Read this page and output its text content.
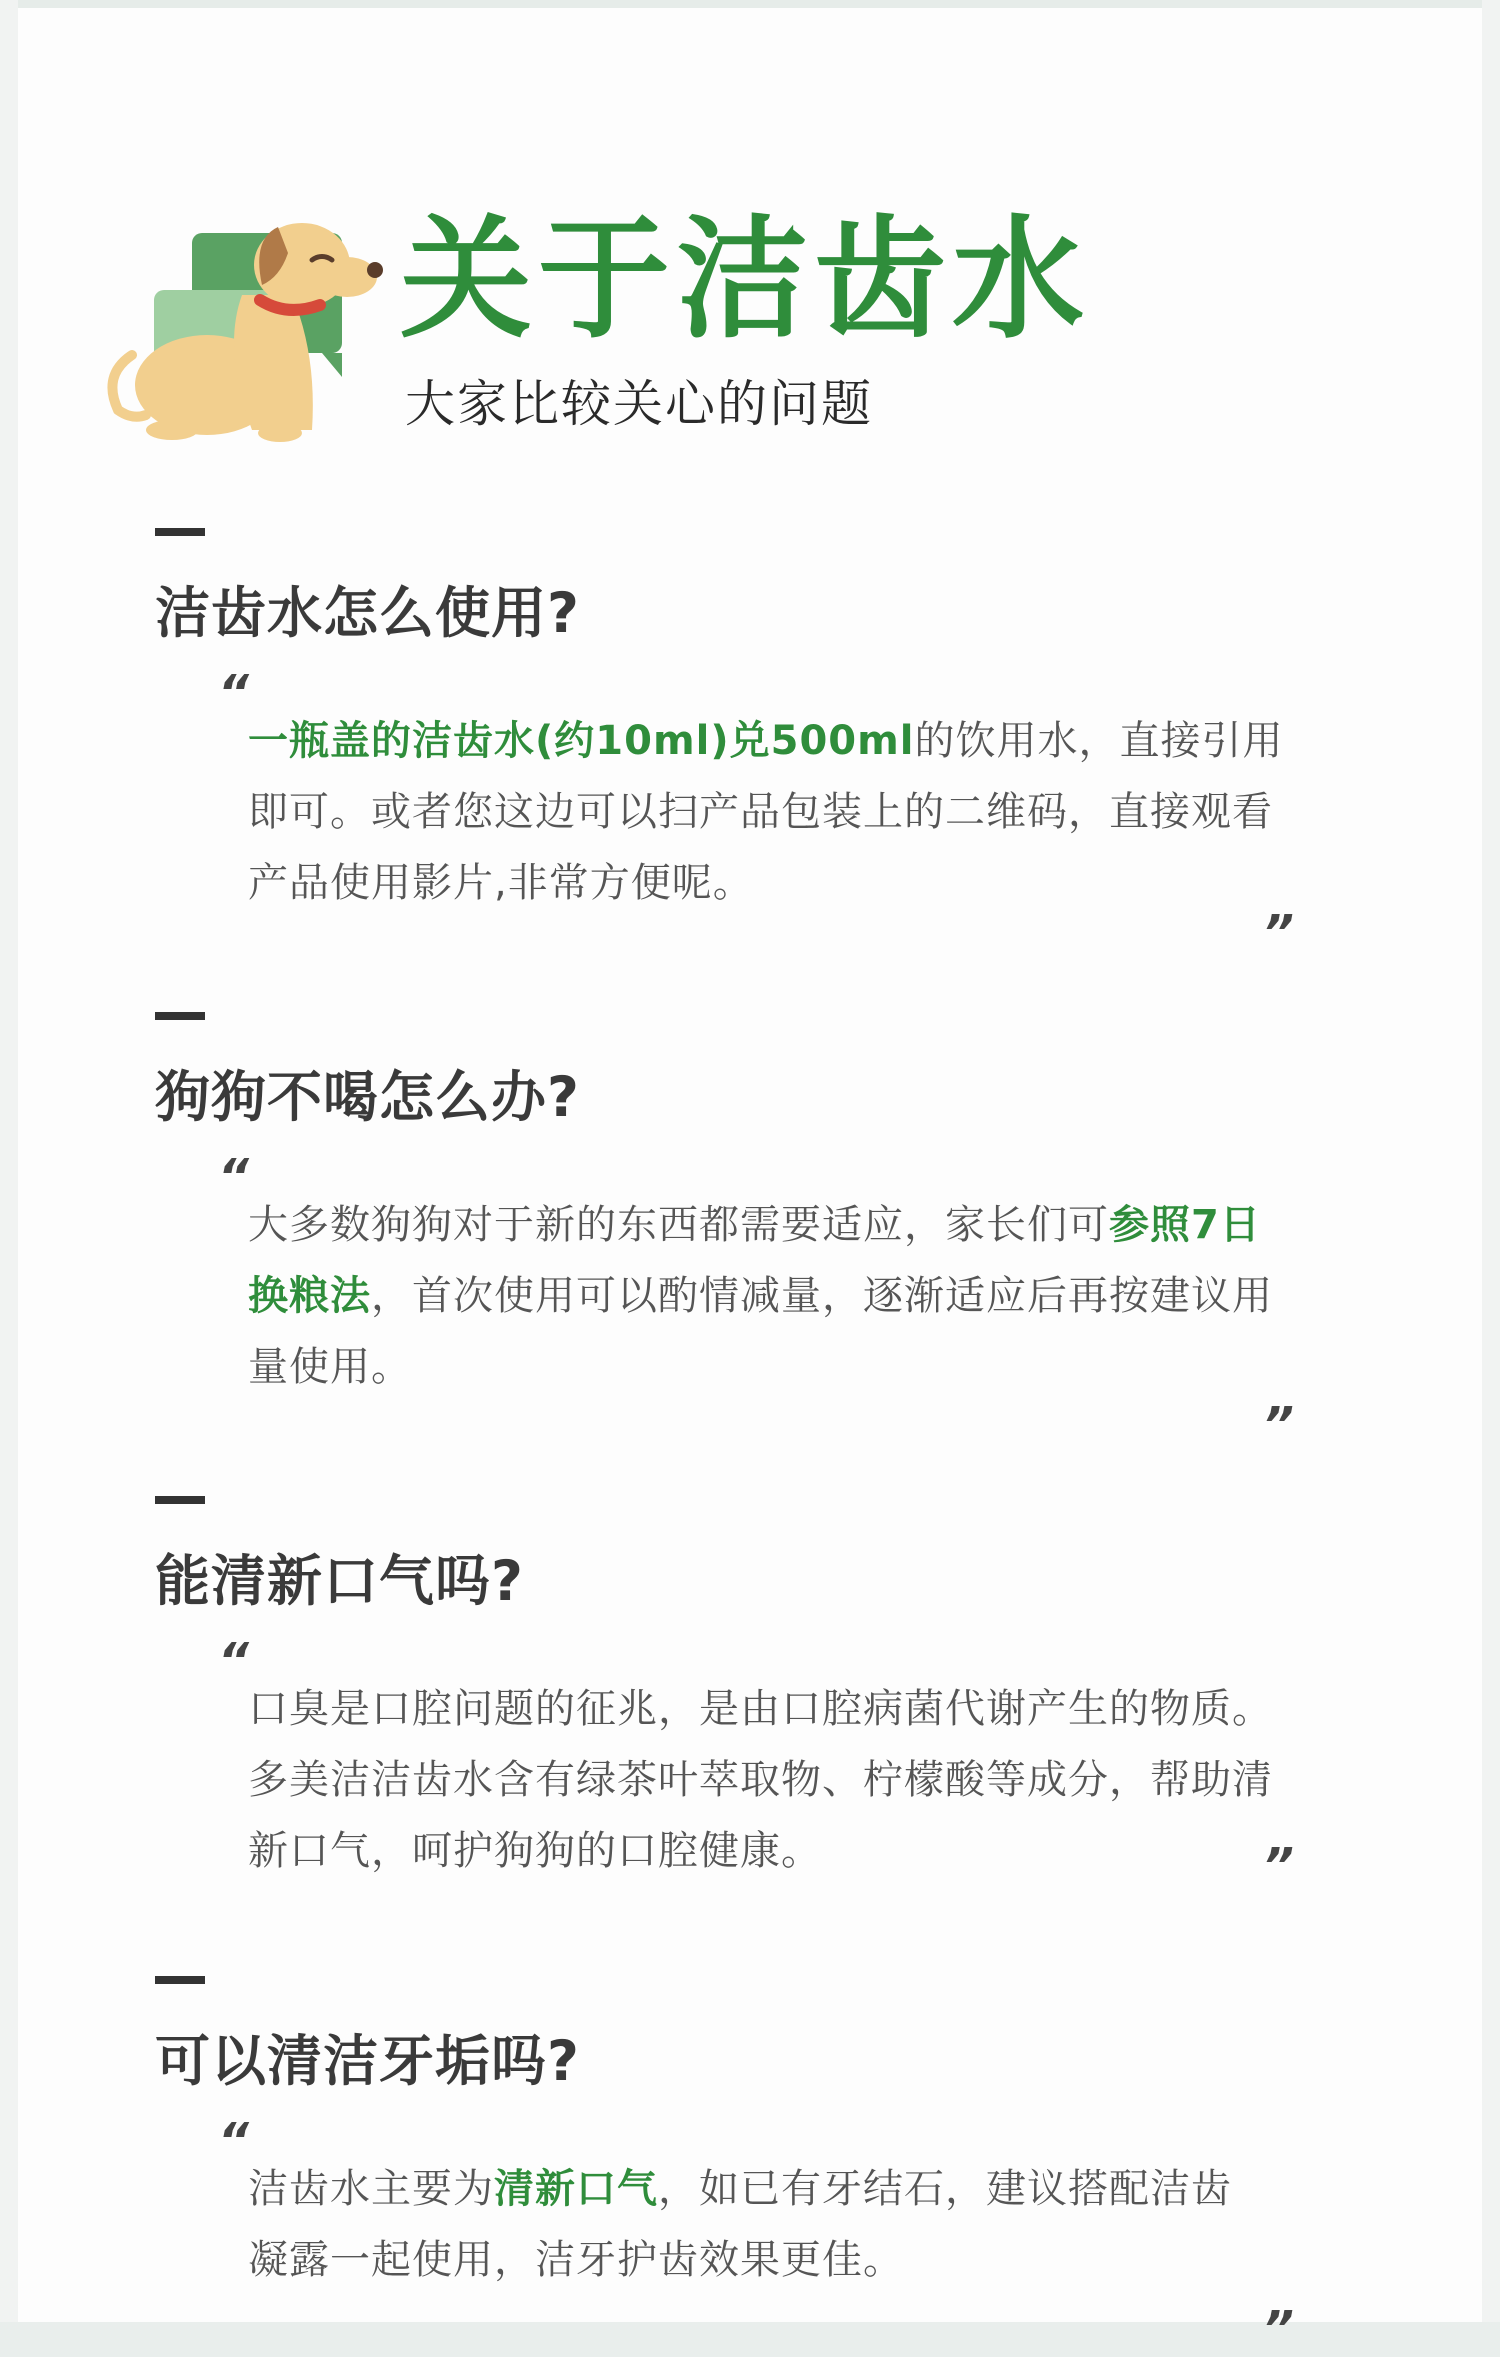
关于洁齿水

大家比较关心的问题

洁齿水怎么使用?
“

一瓶盖的洁齿水(约10ml)兑500ml的饮用水，直接引用即可。或者您这边可以扫产品包装上的二维码，直接观看产品使用影片,非常方便呢。

”
狗狗不喝怎么办?
“

大多数狗狗对于新的东西都需要适应，家长们可参照7日换粮法，首次使用可以酌情减量，逐渐适应后再按建议用量使用。

”
能清新口气吗?
“

口臭是口腔问题的征兆，是由口腔病菌代谢产生的物质。多美洁洁齿水含有绿茶叶萃取物、柠檬酸等成分，帮助清新口气，呵护狗狗的口腔健康。	”
可以清洁牙垢吗?
“

洁齿水主要为清新口气，如已有牙结石，建议搭配洁齿凝露一起使用，洁牙护齿效果更佳。

”
